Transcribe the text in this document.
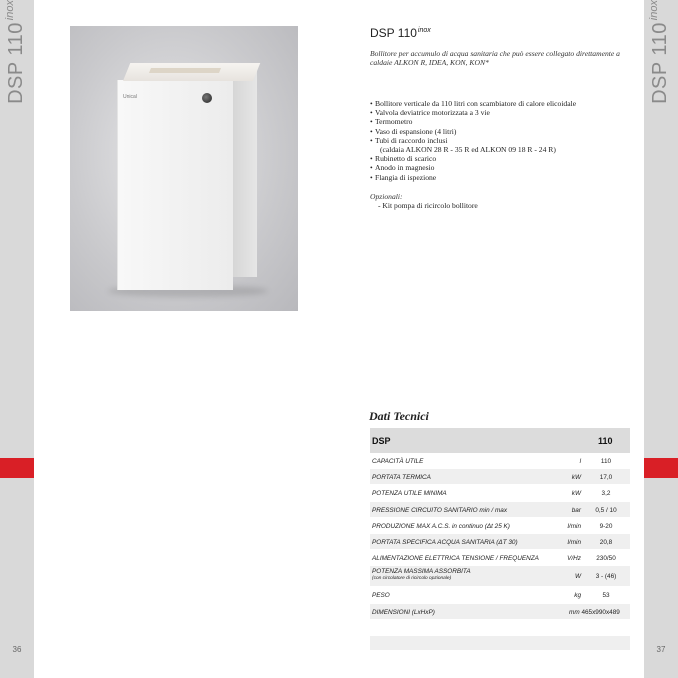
DSP $110^{inox}$
36
DSP $110^{inox}$
37
Unical
DSP $110^{inox}$
Bollitore per accumulo di acqua sanitaria che può essere collegato direttamente a caldaie ALKON R, IDEA, KON, KON*
• Bollitore verticale da 110 litri con scambiatore di calore elicoidale
• Valvola deviatrice motorizzata a 3 vie
• Termometro
• Vaso di espansione (4 litri)
• Tubi di raccordo inclusi
(caldaia ALKON 28 R - 35 R ed ALKON 09 18 R - 24 R)
• Rubinetto di scarico
• Anodo in magnesio
• Flangia di ispezione
Opzionali:
- Kit pompa di ricircolo bollitore
Dati Tecnici
DSP	110
CAPACITÀ UTILE	l	110
PORTATA TERMICA	kW	17,0
POTENZA UTILE MINIMA	kW	3,2
PRESSIONE CIRCUITO SANITARIO min / max	bar	0,5 / 10
PRODUZIONE MAX A.C.S. in continuo (Δt 25 K)	l/min	9-20
PORTATA SPECIFICA ACQUA SANITARIA (ΔT 30)	l/min	20,8
ALIMENTAZIONE ELETTRICA TENSIONE / FREQUENZA	V/Hz	230/50
POTENZA MASSIMA ASSORBITA
(con circolatore di ricircolo opzionale)	W	3 - (46)
PESO	kg	53
DIMENSIONI (LxHxP)	mm 465x990x489
